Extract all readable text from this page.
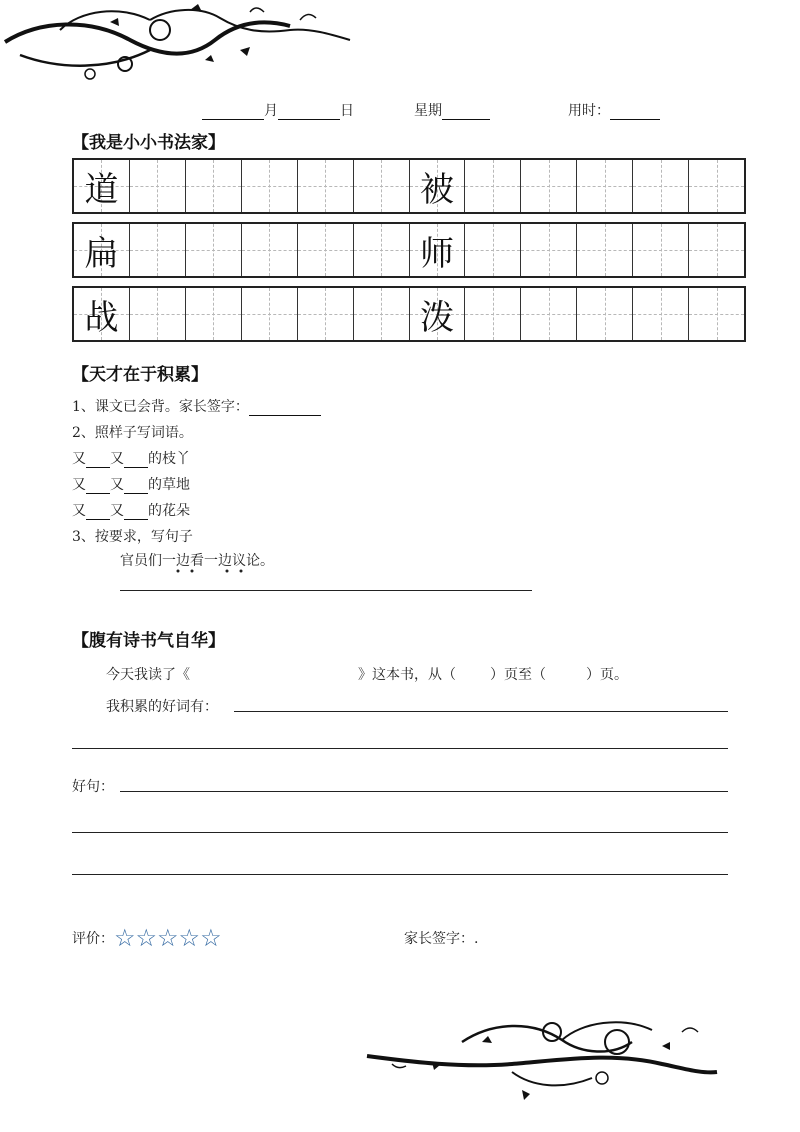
月	日	星期	用时：
【我是小小书法家】
道	被
扁	师
战	泼
【天才在于积累】
1、课文已会背。家长签字：
2、照样子写词语。
又 又 的枝丫
又 又 的草地
又 又 的花朵
3、按要求，写句子
官员们一边看一边议论。
【腹有诗书气自华】
今天我读了《	》这本书，从（ ）页至（	）页。
我积累的好词有：
好句：
评价：☆☆☆☆☆	家长签字：.
